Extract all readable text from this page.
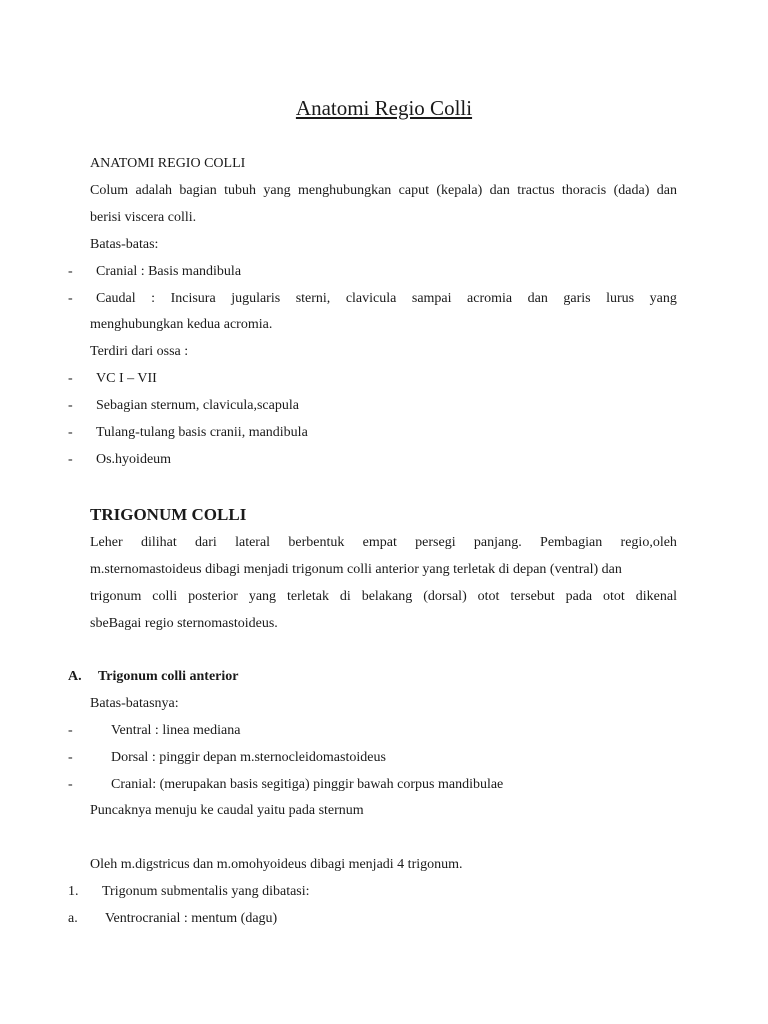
Anatomi Regio Colli
ANATOMI REGIO COLLI
Colum adalah bagian tubuh yang menghubungkan caput (kepala) dan tractus thoracis (dada) dan
berisi viscera colli.
Batas-batas:
- Cranial : Basis mandibula
- Caudal : Incisura jugularis sterni, clavicula sampai acromia dan garis lurus yang
menghubungkan kedua acromia.
Terdiri dari ossa :
- VC I – VII
- Sebagian sternum, clavicula,scapula
- Tulang-tulang basis cranii, mandibula
- Os.hyoideum
TRIGONUM COLLI
Leher dilihat dari lateral berbentuk empat persegi panjang. Pembagian regio,oleh
m.sternomastoideus dibagi menjadi trigonum colli anterior yang terletak di depan (ventral) dan
trigonum colli posterior yang terletak di belakang (dorsal) otot tersebut pada otot dikenal
sbeBagai regio sternomastoideus.
A. Trigonum colli anterior
Batas-batasnya:
-	Ventral : linea mediana
-	Dorsal : pinggir depan m.sternocleidomastoideus
-	Cranial: (merupakan basis segitiga) pinggir bawah corpus mandibulae
Puncaknya menuju ke caudal yaitu pada sternum
Oleh m.digstricus dan m.omohyoideus dibagi menjadi 4 trigonum.
1. Trigonum submentalis yang dibatasi:
a. Ventrocranial : mentum (dagu)
